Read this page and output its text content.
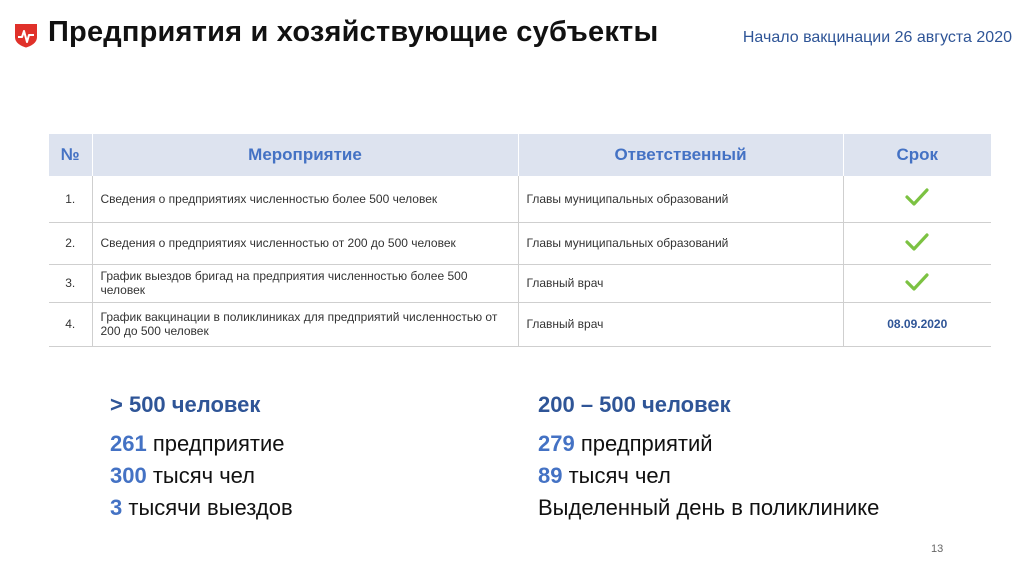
Предприятия и хозяйствующие субъекты	Начало вакцинации 26 августа 2020
№	Мероприятие	Ответственный	Срок
1.	Сведения о предприятиях численностью более 500 человек	Главы муниципальных образований	
2.	Сведения о предприятиях численностью от 200 до 500 человек	Главы муниципальных образований	
3.	График выездов бригад на предприятия численностью более 500 человек	Главный врач	
4.	График вакцинации в поликлиниках для предприятий численностью от 200 до 500 человек	Главный врач	08.09.2020
> 500 человек
261 предприятие
300 тысяч чел
3 тысячи выездов
200 – 500 человек
279 предприятий
89 тысяч чел
Выделенный день в поликлинике
13
